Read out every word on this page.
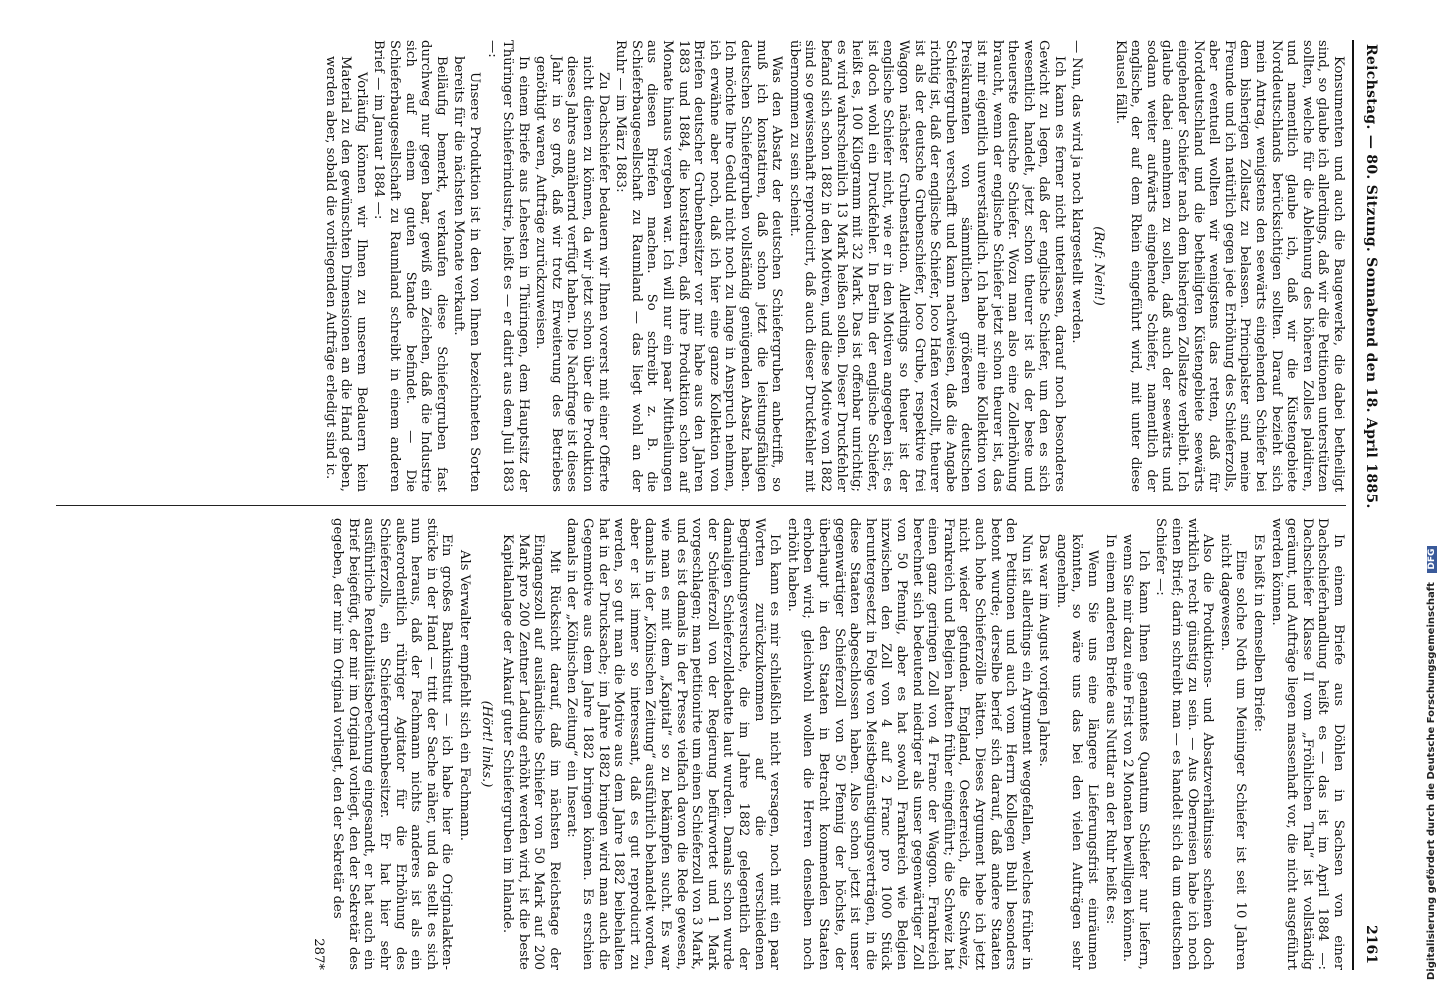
Reichstag. — 80. Sitzung. Sonnabend den 18. April 1885.
2161

Konsumenten und auch die Baugewerke, die dabei betheiligt sind, so glaube ich allerdings, daß wir die Petitionen unterstützen sollten, welche für die Ablehnung des höheren Zolles plaidiren, und namentlich glaube ich, daß wir die Küstengebiete Norddeutschlands berücksichtigen sollten. Darauf bezieht sich mein Antrag, wenigstens den seewärts eingehenden Schiefer bei dem bisherigen Zollsatz zu belassen. Principalster sind meine Freunde und ich natürlich gegen jede Erhöhung des Schieferzolls, aber eventuell wollten wir wenigstens das retten, daß für Norddeutschland und die betheiligten Küstengebiete seewärts eingehender Schiefer nach dem bisherigen Zollsatze verbleibt. Ich glaube dabei annehmen zu sollen, daß auch der seewärts und sodann weiter aufwärts eingehende Schiefer, namentlich der englische, der auf dem Rhein eingeführt wird, mit unter diese Klausel fällt.

(Ruf: Nein!)

— Nun, das wird ja noch klargestellt werden.

Ich kann es ferner nicht unterlassen, darauf noch besonderes Gewicht zu legen, daß der englische Schiefer, um den es sich wesentlich handelt, jetzt schon theurer ist als der beste und theuerste deutsche Schiefer. Wozu man also eine Zollerhöhung braucht, wenn der englische Schiefer jetzt schon theurer ist, das ist mir eigentlich unverständlich. Ich habe mir eine Kollektion von Preiskuranten von sämmtlichen größeren deutschen Schiefergruben verschafft und kann nachweisen, daß die Angabe richtig ist, daß der englische Schiefer, loco Hafen verzollt, theurer ist als der deutsche Grubenschiefer, loco Grube, respektive frei Waggon nächster Grubenstation. Allerdings so theuer ist der englische Schiefer nicht, wie er in den Motiven angegeben ist; es ist doch wohl ein Druckfehler. In Berlin der englische Schiefer, heißt es, 100 Kilogramm mit 32 Mark. Das ist offenbar unrichtig; es wird wahrscheinlich 13 Mark heißen sollen. Dieser Druckfehler befand sich schon 1882 in den Motiven, und diese Motive von 1882 sind so gewissenhaft reproducirt, daß auch dieser Druckfehler mit übernommen zu sein scheint.

Was den Absatz der deutschen Schiefergruben anbetrifft, so muß ich konstatiren, daß schon jetzt die leistungsfähigen deutschen Schiefergruben vollständig genügenden Absatz haben. Ich möchte Ihre Geduld nicht noch zu lange in Anspruch nehmen, ich erwähne aber noch, daß ich hier eine ganze Kollektion von Briefen deutscher Grubenbesitzer vor mir habe aus den Jahren 1883 und 1884, die konstatiren, daß ihre Produktion schon auf Monate hinaus vergeben war. Ich will nur ein paar Mittheilungen aus diesen Briefen machen. So schreibt z. B. die Schieferbaugesellschaft zu Raumland — das liegt wohl an der Ruhr — im März 1883:

Zu Dachschiefer bedauern wir Ihnen vorerst mit einer Offerte nicht dienen zu können, da wir jetzt schon über die Produktion dieses Jahres annähernd verfügt haben. Die Nachfrage ist dieses Jahr in so groß, daß wir trotz Erweiterung des Betriebes genöthigt waren, Aufträge zurückzuweisen.

In einem Briefe aus Lehesten in Thüringen, dem Hauptsitz der Thüringer Schieferindustrie, heißt es — er datirt aus dem Juli 1883 —:

Unsere Produktion ist in den von Ihnen bezeichneten Sorten bereits für die nächsten Monate verkauft.

Beiläufig bemerkt, verkaufen diese Schiefergruben fast durchweg nur gegen baar, gewiß ein Zeichen, daß die Industrie sich auf einem guten Stande befindet. — Die Schieferbaugesellschaft zu Raumland schreibt in einem anderen Brief — im Januar 1884 —:

Vorläufig können wir Ihnen zu unserem Bedauern kein Material zu den gewünschten Dimensionen an die Hand geben, werden aber, sobald die vorliegenden Aufträge erledigt sind ic.

In einem Briefe aus Döhlen in Sachsen von einer Dachschieferhandlung heißt es — das ist im April 1884 —: Dachschiefer Klasse II vom „Fröhlichen Thal“ ist vollständig geräumt, und Aufträge liegen massenhaft vor, die nicht ausgeführt werden können.

Es heißt in demselben Briefe:

Eine solche Noth um Meininger Schiefer ist seit 10 Jahren nicht dagewesen.

Also die Produktions- und Absatzverhältnisse scheinen doch wirklich recht günstig zu sein. — Aus Oberneisen habe ich noch einen Brief; darin schreibt man — es handelt sich da um deutschen Schiefer —:

Ich kann Ihnen genanntes Quantum Schiefer nur liefern, wenn Sie mir dazu eine Frist von 2 Monaten bewilligen können.

In einem anderen Briefe aus Nuttlar an der Ruhr heißt es:

Wenn Sie uns eine längere Lieferungsfrist einräumen könnten, so wäre uns das bei den vielen Aufträgen sehr angenehm.

Das war im August vorigen Jahres.

Nun ist allerdings ein Argument weggefallen, welches früher in den Petitionen und auch vom Herrn Kollegen Buhl besonders betont wurde; derselbe berief sich darauf, daß andere Staaten auch hohe Schieferzölle hätten. Dieses Argument hebe ich jetzt nicht wieder gefunden. England, Oesterreich, die Schweiz, Frankreich und Belgien hatten früher eingeführt; die Schweiz hat einen ganz geringen Zoll von 4 Franc der Waggon. Frankreich berechnet sich bedeutend niedriger als unser gegenwärtiger Zoll von 50 Pfennig, aber es hat sowohl Frankreich wie Belgien inzwischen den Zoll von 4 auf 2 Franc pro 1000 Stück heruntergesetzt in Folge von Meistbegünstigungsverträgen, in die diese Staaten abgeschlossen haben. Also schon jetzt ist unser gegenwärtiger Schieferzoll von 50 Pfennig der höchste, der überhaupt in den Staaten in Betracht kommenden Staaten erhoben wird; gleichwohl wollen die Herren denselben noch erhöht haben.

Ich kann es mir schließlich nicht versagen, noch mit ein paar Worten zurückzukommen auf die verschiedenen Begründungsversuche, die im Jahre 1882 gelegentlich der damaligen Schieferzolldebatte laut wurden. Damals schon wurde der Schieferzoll von der Regierung befürwortet und 1 Mark vorgeschlagen; man petitionirte um einen Schieferzoll von 3 Mark, und es ist damals in der Presse vielfach davon die Rede gewesen, wie man es mit dem „Kapital“ so zu bekämpfen sucht. Es war damals in der „Kölnischen Zeitung“ ausführlich behandelt worden, aber er ist immer so interessant, daß es gut reproducirt zu werden, so gut man die Motive aus dem Jahre 1882 beibehalten hat in der Drucksache; im Jahre 1882 bringen wird man auch die Gegenmotive aus dem Jahre 1882 bringen können. Es erschien damals in der „Kölnischen Zeitung“ ein Inserat:

Mit Rücksicht darauf, daß im nächsten Reichstage der Eingangszoll auf ausländische Schiefer von 50 Mark auf 200 Mark pro 200 Zentner Ladung erhöht werden wird, ist die beste Kapitalanlage der Ankauf guter Schiefergruben im Inlande.

(Hört! links.)

Als Verwalter empfiehlt sich ein Fachmann.

Ein großes Bankinstitut — ich habe hier die Originalakten-stücke in der Hand — tritt der Sache näher, und da stellt es sich nun heraus, daß der Fachmann nichts anderes ist als ein außerordentlich rühriger Agitator für die Erhöhung des Schieferzolls, ein Schiefergrubenbesitzer. Er hat hier sehr ausführliche Rentabilitätsberechnung eingesandt, er hat auch ein Brief beigefügt, der mir im Original vorliegt, den der Sekretär des gegeben, der mir im Original vorliegt, den der Sekretär des

287*	Digitalisierung gefördert durch die Deutsche Forschungsgemeinschaft DFG
